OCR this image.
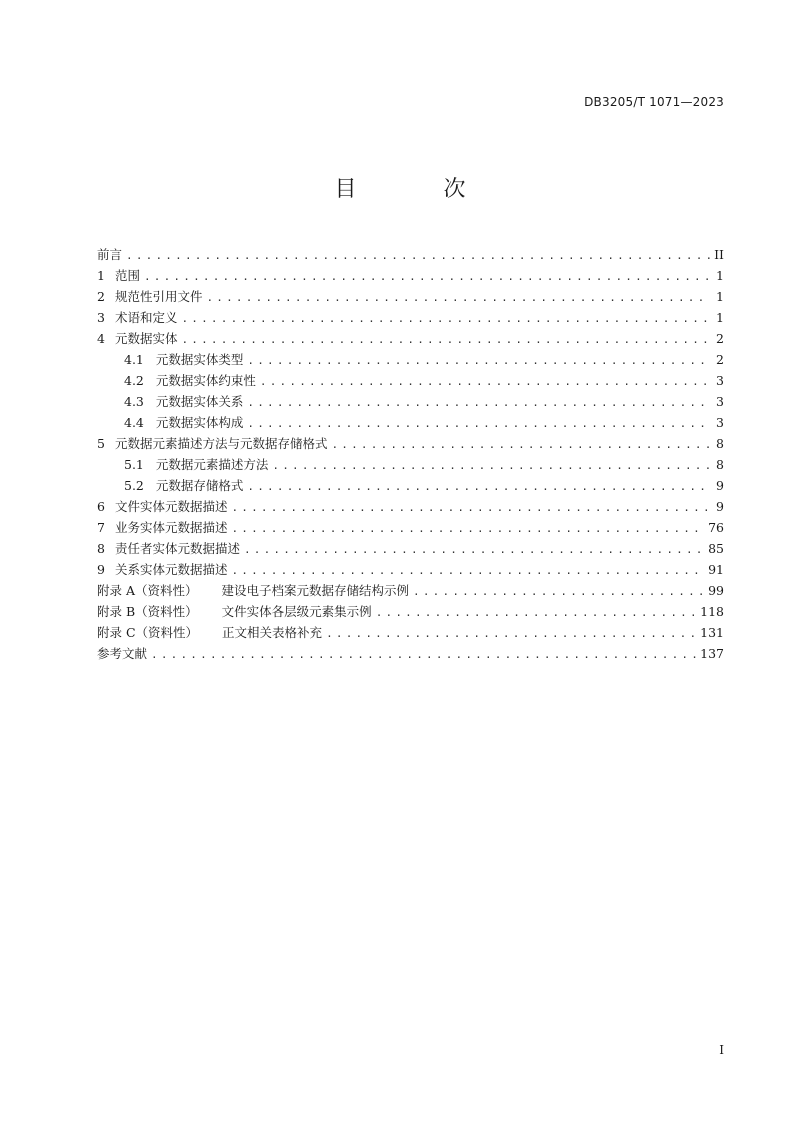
DB3205/T 1071—2023
目 次
前言 .....	II
1 范围 .....	1
2 规范性引用文件 .....	1
3 术语和定义 .....	1
4 元数据实体 .....	2
4.1 元数据实体类型 .....	2
4.2 元数据实体约束性 .....	3
4.3 元数据实体关系 .....	3
4.4 元数据实体构成 .....	3
5 元数据元素描述方法与元数据存储格式 .....	8
5.1 元数据元素描述方法 .....	8
5.2 元数据存储格式 .....	9
6 文件实体元数据描述 .....	9
7 业务实体元数据描述 .....	76
8 责任者实体元数据描述 .....	85
9 关系实体元数据描述 .....	91
附录 A（资料性） 建设电子档案元数据存储结构示例 .....	99
附录 B（资料性） 文件实体各层级元素集示例 .....	118
附录 C（资料性） 正文相关表格补充 .....	131
参考文献 .....	137
I
